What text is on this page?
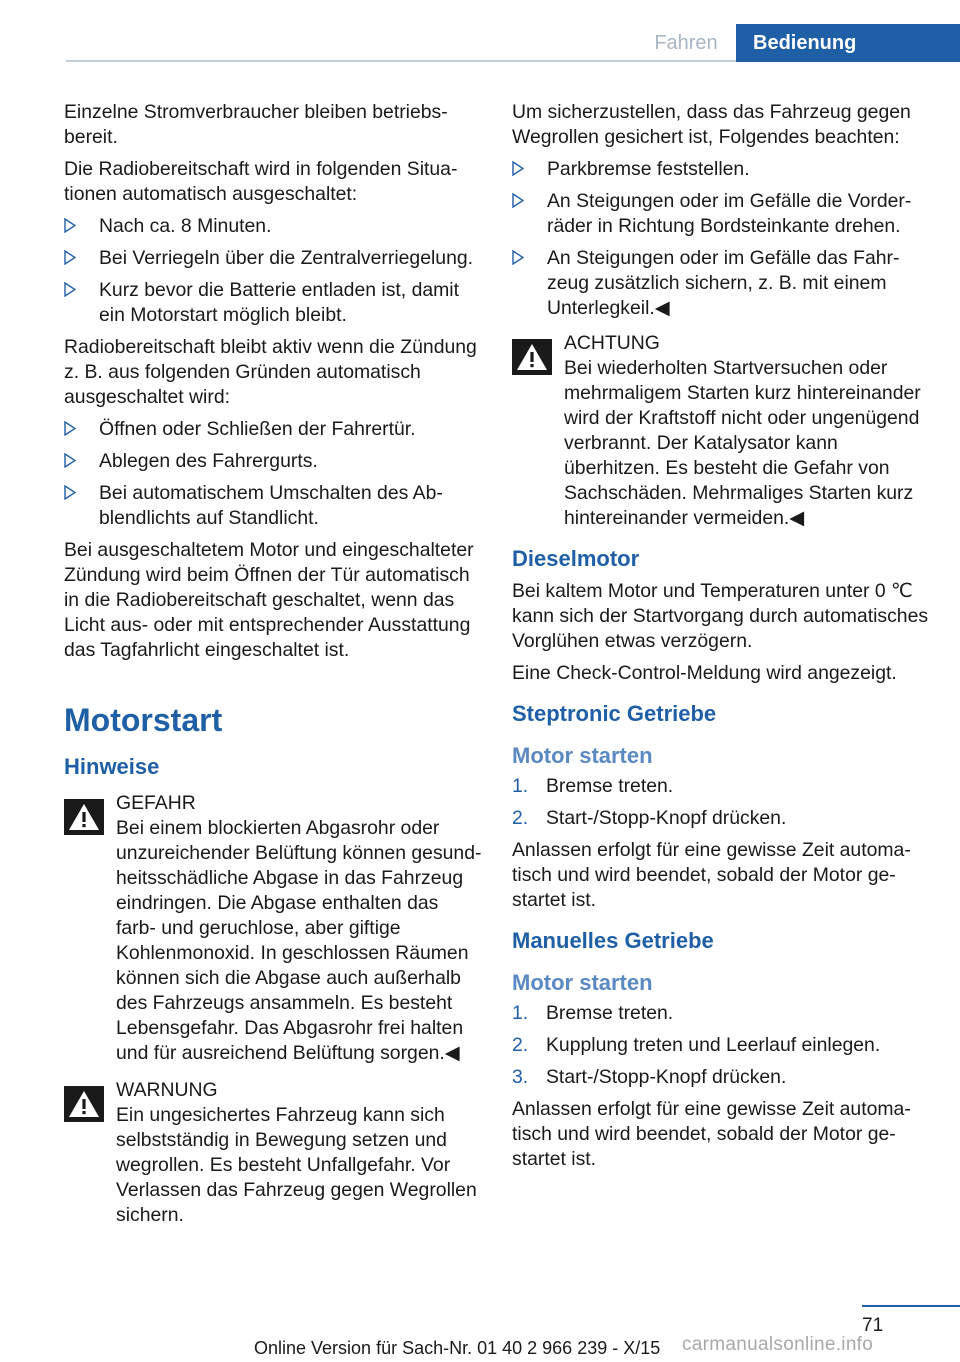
Fahren	Bedienung

Einzelne Stromverbraucher bleiben betriebsbereit.

Die Radiobereitschaft wird in folgenden Situationen automatisch ausgeschaltet:

Nach ca. 8 Minuten.
Bei Verriegeln über die Zentralverriegelung.
Kurz bevor die Batterie entladen ist, damit ein Motorstart möglich bleibt.

Radiobereitschaft bleibt aktiv wenn die Zündung z. B. aus folgenden Gründen automatisch ausgeschaltet wird:

Öffnen oder Schließen der Fahrertür.
Ablegen des Fahrergurts.
Bei automatischem Umschalten des Abblendlichts auf Standlicht.

Bei ausgeschaltetem Motor und eingeschalteter Zündung wird beim Öffnen der Tür automatisch in die Radiobereitschaft geschaltet, wenn das Licht aus- oder mit entsprechender Ausstattung das Tagfahrlicht eingeschaltet ist.

Motorstart
Hinweise
GEFAHR
Bei einem blockierten Abgasrohr oder unzureichender Belüftung können gesundheitsschädliche Abgase in das Fahrzeug eindringen. Die Abgase enthalten das farb- und geruchlose, aber giftige Kohlenmonoxid. In geschlossen Räumen können sich die Abgase auch außerhalb des Fahrzeugs ansammeln. Es besteht Lebensgefahr. Das Abgasrohr frei halten und für ausreichend Belüftung sorgen.◀
WARNUNG
Ein ungesichertes Fahrzeug kann sich selbstständig in Bewegung setzen und wegrollen. Es besteht Unfallgefahr. Vor Verlassen das Fahrzeug gegen Wegrollen sichern.

Um sicherzustellen, dass das Fahrzeug gegen Wegrollen gesichert ist, Folgendes beachten:

Parkbremse feststellen.
An Steigungen oder im Gefälle die Vorderräder in Richtung Bordsteinkante drehen.
An Steigungen oder im Gefälle das Fahrzeug zusätzlich sichern, z. B. mit einem Unterlegkeil.◀
ACHTUNG
Bei wiederholten Startversuchen oder mehrmaligem Starten kurz hintereinander wird der Kraftstoff nicht oder ungenügend verbrannt. Der Katalysator kann überhitzen. Es besteht die Gefahr von Sachschäden. Mehrmaliges Starten kurz hintereinander vermeiden.◀
Dieselmotor

Bei kaltem Motor und Temperaturen unter 0 ℃ kann sich der Startvorgang durch automatisches Vorglühen etwas verzögern.

Eine Check-Control-Meldung wird angezeigt.

Steptronic Getriebe
Motor starten
1. Bremse treten.
2. Start-/Stopp-Knopf drücken.

Anlassen erfolgt für eine gewisse Zeit automatisch und wird beendet, sobald der Motor gestartet ist.

Manuelles Getriebe
Motor starten
1. Bremse treten.
2. Kupplung treten und Leerlauf einlegen.
3. Start-/Stopp-Knopf drücken.

Anlassen erfolgt für eine gewisse Zeit automatisch und wird beendet, sobald der Motor gestartet ist.

71
Online Version für Sach-Nr. 01 40 2 966 239 - X/15 carmanualsonline.info
